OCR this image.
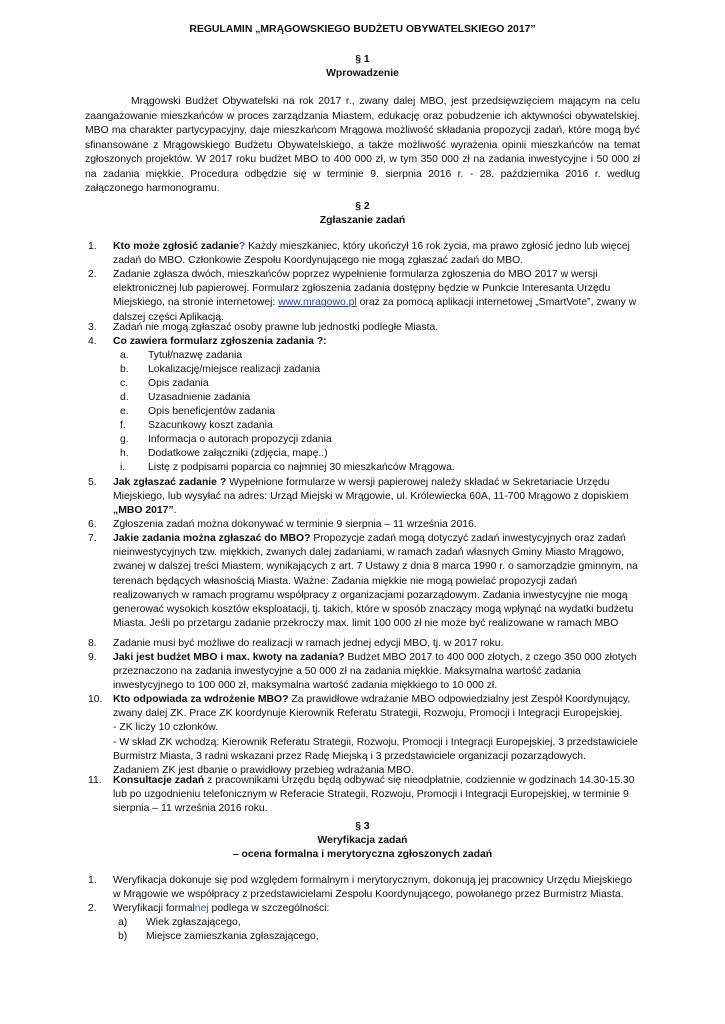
REGULAMIN „MRĄGOWSKIEGO BUDŻETU OBYWATELSKIEGO 2017”
§ 1
Wprowadzenie

Mrągowski Budżet Obywatelski na rok 2017 r., zwany dalej MBO, jest przedsięwzięciem mającym na celu zaangażowanie mieszkańców w proces zarządzania Miastem, edukację oraz pobudzenie ich aktywności obywatelskiej. MBO ma charakter partycypacyjny, daje mieszkańcom Mrągowa możliwość składania propozycji zadań, które mogą być sfinansowane z Mrągowskiego Budżetu Obywatelskiego, a także możliwość wyrażenia opinii mieszkańców na temat zgłoszonych projektów. W 2017 roku budżet MBO to 400 000 zł, w tym 350 000 zł na zadania inwestycyjne i 50 000 zł na zadania miękkie. Procedura odbędzie się w terminie 9. sierpnia 2016 r. - 28. października 2016 r. według załączonego harmonogramu.

§ 2
Zgłaszanie zadań
1. Kto może zgłosić zadanie? Każdy mieszkaniec, który ukończył 16 rok życia, ma prawo zgłosić jedno lub więcej zadań do MBO. Członkowie Zespołu Koordynującego nie mogą zgłaszać zadań do MBO.
2. Zadanie zgłasza dwóch, mieszkańców poprzez wypełnienie formularza zgłoszenia do MBO 2017 w wersji elektronicznej lub papierowej. Formularz zgłoszenia zadania dostępny będzie w Punkcie Interesanta Urzędu Miejskiego, na stronie internetowej: www.mragowo.pl oraz za pomocą aplikacji internetowej „SmartVote”, zwany w dalszej części Aplikacją.
3. Zadań nie mogą zgłaszać osoby prawne lub jednostki podległe Miasta.
4. Co zawiera formularz zgłoszenia zadania ?:
a. Tytuł/nazwę zadania
b. Lokalizację/miejsce realizacji zadania
c. Opis zadania
d. Uzasadnienie zadania
e. Opis beneficjentów zadania
f. Szacunkowy koszt zadania
g. Informacja o autorach propozycji zdania
h. Dodatkowe załączniki (zdjęcia, mapę..)
i. Listę z podpisami poparcia co najmniej 30 mieszkańców Mrągowa.
5. Jak zgłaszać zadanie ? Wypełnione formularze w wersji papierowej należy składać w Sekretariacie Urzędu Miejskiego, lub wysyłać na adres: Urząd Miejski w Mrągowie, ul. Królewiecka 60A, 11-700 Mrągowo z dopiskiem „MBO 2017”.
6. Zgłoszenia zadań można dokonywać w terminie 9 sierpnia – 11 września 2016.
7. Jakie zadania można zgłaszać do MBO? Propozycje zadań mogą dotyczyć zadań inwestycyjnych oraz zadań nieinwestycyjnych tzw. miękkich, zwanych dalej zadaniami, w ramach zadań własnych Gminy Miasto Mrągowo, zwanej w dalszej treści Miastem, wynikających z art. 7 Ustawy z dnia 8 marca 1990 r. o samorządzie gminnym, na terenach będących własnością Miasta. Ważne: Zadania miękkie nie mogą powielać propozycji zadań realizowanych w ramach programu współpracy z organizacjami pozarządowym. Zadania inwestycyjne nie mogą generować wysokich kosztów eksploatacji, tj. takich, które w sposób znaczący mogą wpłynąć na wydatki budżetu Miasta. Jeśli po przetargu zadanie przekroczy max. limit 100 000 zł nie może być realizowane w ramach MBO
8. Zadanie musi być możliwe do realizacji w ramach jednej edycji MBO, tj. w 2017 roku.
9. Jaki jest budżet MBO i max. kwoty na zadania? Budżet MBO 2017 to 400 000 złotych, z czego 350 000 złotych przeznaczono na zadania inwestycyjne a 50 000 zł na zadania miękkie. Maksymalna wartość zadania inwestycyjnego to 100 000 zł, maksymalna wartość zadania miękkiego to 10 000 zł.
10. Kto odpowiada za wdrożenie MBO? Za prawidłowe wdrażanie MBO odpowiedzialny jest Zespół Koordynujący, zwany dalej ZK. Prace ZK koordynuje Kierownik Referatu Strategii, Rozwoju, Promocji i Integracji Europejskiej.
- ZK liczy 10 członków.
- W skład ZK wchodzą: Kierownik Referatu Strategii, Rozwoju, Promocji i Integracji Europejskiej, 3 przedstawiciele Burmistrz Miasta, 3 radni wskazani przez Radę Miejską i 3 przedstawiciele organizacji pozarządowych.
Zadaniem ZK jest dbanie o prawidłowy przebieg wdrażania MBO.
11. Konsultacje zadań z pracownikami Urzędu będą odbywać się nieodpłatnie, codziennie w godzinach 14.30-15.30 lub po uzgodnieniu telefonicznym w Referacie Strategii, Rozwoju, Promocji i Integracji Europejskiej, w terminie 9 sierpnia – 11 września 2016 roku.
§ 3
Weryfikacja zadań
– ocena formalna i merytoryczna zgłoszonych zadań
1. Weryfikacja dokonuje się pod względem formalnym i merytorycznym, dokonują jej pracownicy Urzędu Miejskiego w Mrągowie we współpracy z przedstawicielami Zespołu Koordynującego, powołanego przez Burmistrz Miasta.
2. Weryfikacji formalnej podlega w szczególności:
a) Wiek zgłaszającego,
b) Miejsce zamieszkania zgłaszającego,
